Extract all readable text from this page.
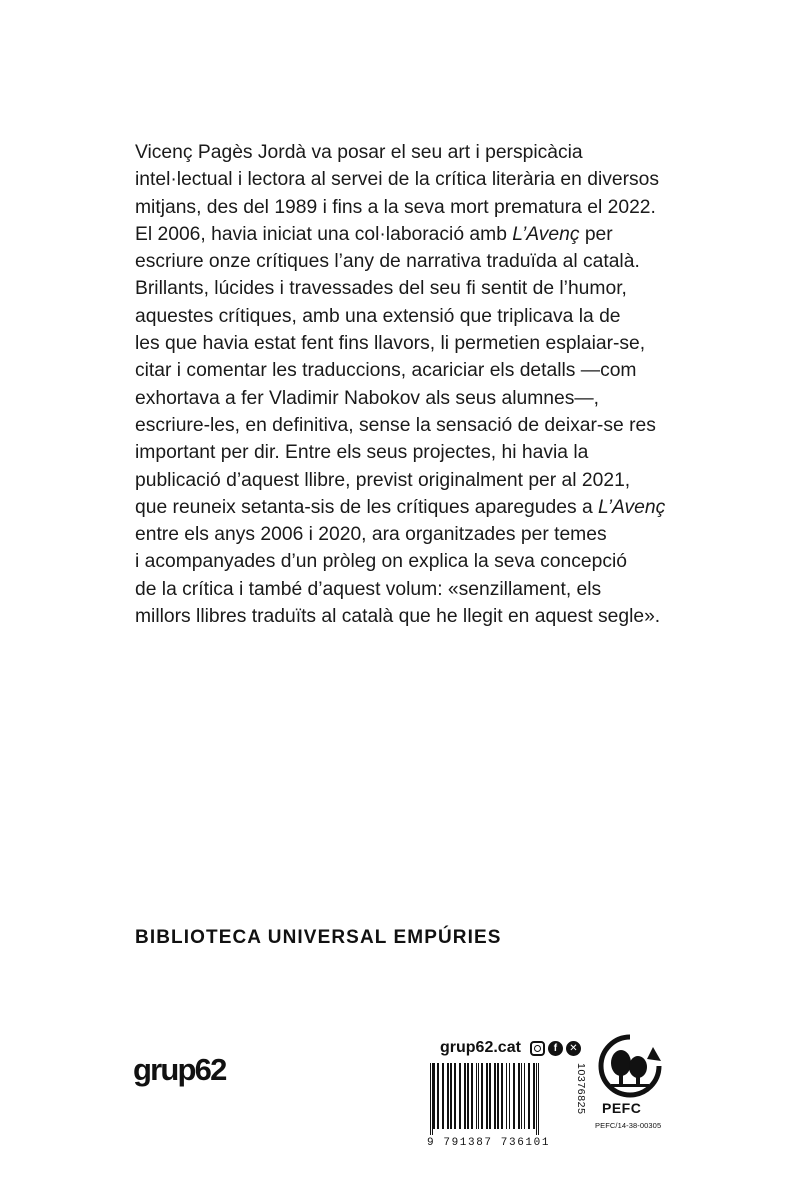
Vicenç Pagès Jordà va posar el seu art i perspicàcia
intel·lectual i lectora al servei de la crítica literària en diversos
mitjans, des del 1989 i fins a la seva mort prematura el 2022.
El 2006, havia iniciat una col·laboració amb L’Avenç per
escriure onze crítiques l’any de narrativa traduïda al català.
Brillants, lúcides i travessades del seu fi sentit de l’humor,
aquestes crítiques, amb una extensió que triplicava la de
les que havia estat fent fins llavors, li permetien esplaiar-se,
citar i comentar les traduccions, acariciar els detalls —com
exhortava a fer Vladimir Nabokov als seus alumnes—,
escriure-les, en definitiva, sense la sensació de deixar-se res
important per dir. Entre els seus projectes, hi havia la
publicació d’aquest llibre, previst originalment per al 2021,
que reuneix setanta-sis de les crítiques aparegudes a L’Avenç
entre els anys 2006 i 2020, ara organitzades per temes
i acompanyades d’un pròleg on explica la seva concepció
de la crítica i també d’aquest volum: «senzillament, els
millors llibres traduïts al català que he llegit en aquest segle».
BIBLIOTECA UNIVERSAL EMPÚRIES
grup62
grup62.cat	f	✕
9 791387 736101
10376825 PEFC
PEFC/14-38-00305
